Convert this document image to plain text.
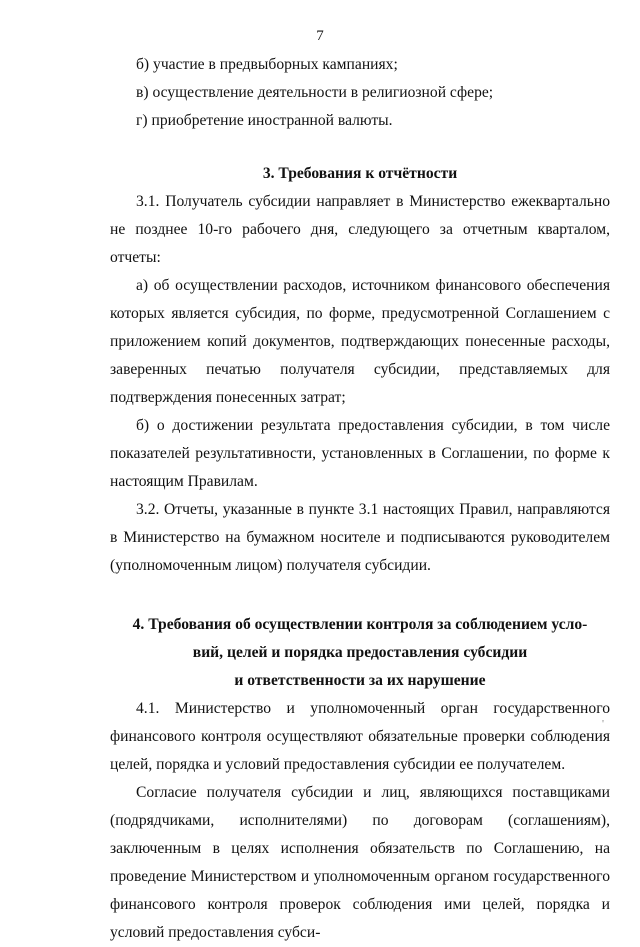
7

б) участие в предвыборных кампаниях;

в) осуществление деятельности в религиозной сфере;

г) приобретение иностранной валюты.

3. Требования к отчётности

3.1. Получатель субсидии направляет в Министерство ежеквартально не позднее 10-го рабочего дня, следующего за отчетным кварталом, отчеты:

а) об осуществлении расходов, источником финансового обеспечения которых является субсидия, по форме, предусмотренной Соглашением с приложением копий документов, подтверждающих понесенные расходы, заверенных печатью получателя субсидии, представляемых для подтверждения понесенных затрат;

б) о достижении результата предоставления субсидии, в том числе показателей результативности, установленных в Соглашении, по форме к настоящим Правилам.

3.2. Отчеты, указанные в пункте 3.1 настоящих Правил, направляются в Министерство на бумажном носителе и подписываются руководителем (уполномоченным лицом) получателя субсидии.

4. Требования об осуществлении контроля за соблюдением усло-

вий, целей и порядка предоставления субсидии

и ответственности за их нарушение

4.1. Министерство и уполномоченный орган государственного финансового контроля осуществляют обязательные проверки соблюдения целей, порядка и условий предоставления субсидии ее получателем.

Согласие получателя субсидии и лиц, являющихся поставщиками (подрядчиками, исполнителями) по договорам (соглашениям), заключенным в целях исполнения обязательств по Соглашению, на проведение Министерством и уполномоченным органом государственного финансового контроля проверок соблюдения ими целей, порядка и условий предоставления субси-

'
